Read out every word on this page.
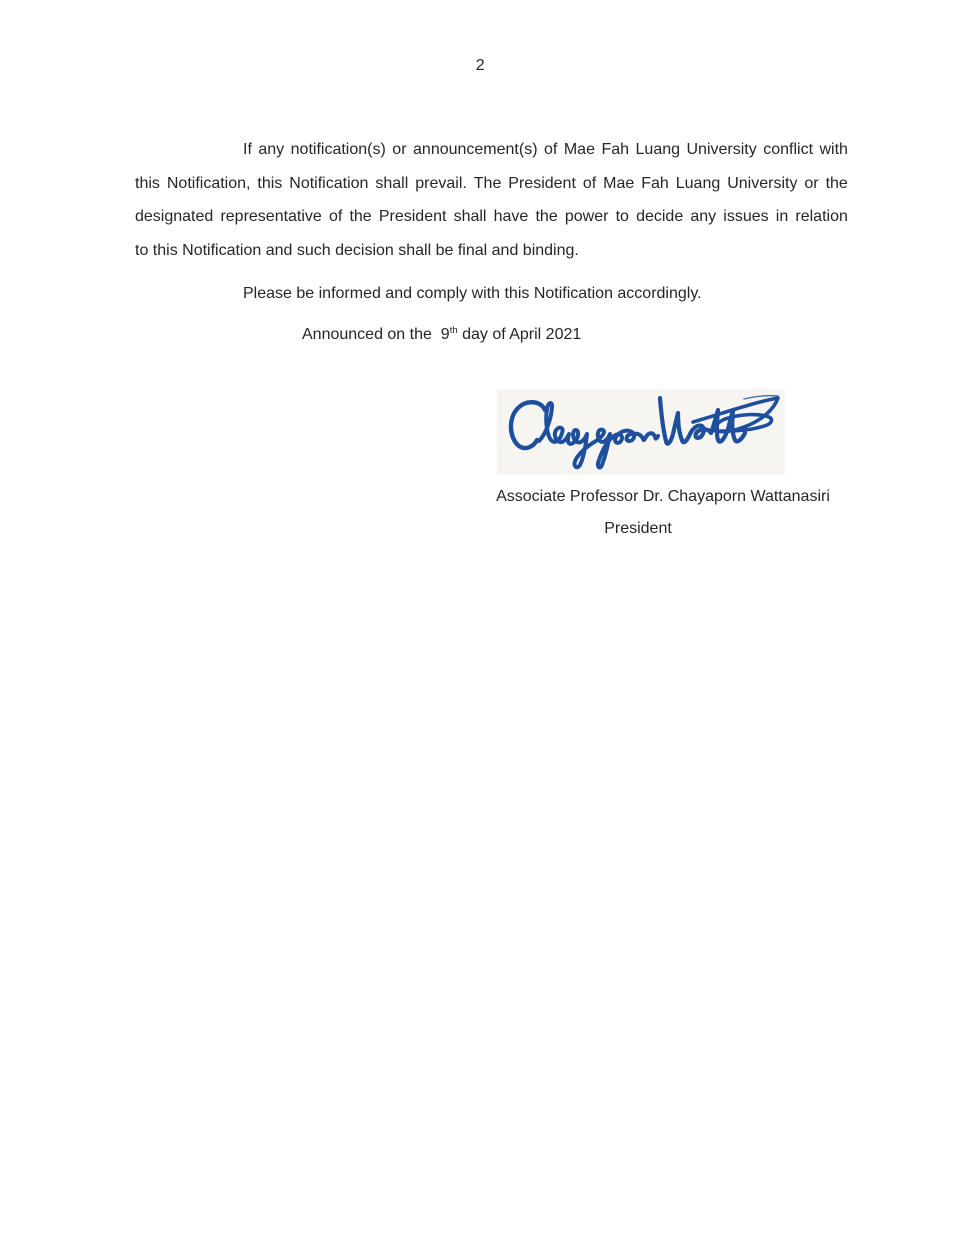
2
If any notification(s) or announcement(s) of Mae Fah Luang University conflict with
this Notification, this Notification shall prevail. The President of Mae Fah Luang University or the
designated representative of the President shall have the power to decide any issues in relation
to this Notification and such decision shall be final and binding.
Please be informed and comply with this Notification accordingly.
Announced on the  9th day of April 2021
Associate Professor Dr. Chayaporn Wattanasiri
President
